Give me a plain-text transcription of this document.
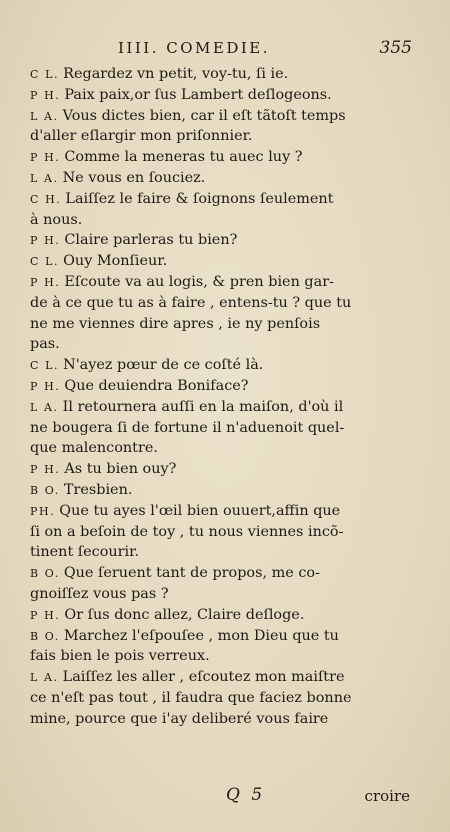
IIII. COMEDIE.	355
C L. Regardez vn petit, voy-tu, ſi ie.
P H. Paix paix,or ſus Lambert deſlogeons.
L A. Vous dictes bien, car il eſt tãtoſt temps
d'aller eſlargir mon priſonnier.
P H. Comme la meneras tu auec luy ?
L A. Ne vous en ſouciez.
C H. Laiſſez le faire & ſoignons ſeulement
à nous.
P H. Claire parleras tu bien?
C L. Ouy Monſieur.
P H. Eſcoute va au logis, & pren bien gar-
de à ce que tu as à faire , entens-tu ? que tu
ne me viennes dire apres , ie ny penſois
pas.
C L. N'ayez pœur de ce coſté là.
P H. Que deuiendra Boniface?
L A. Il retournera auſſi en la maiſon, d'où il
ne bougera ſi de fortune il n'aduenoit quel-
que malencontre.
P H. As tu bien ouy?
B O. Tresbien.
PH. Que tu ayes l'œil bien ouuert,affin que
ſi on a beſoin de toy , tu nous viennes incõ-
tinent ſecourir.
B O. Que ſeruent tant de propos, me co-
gnoiſſez vous pas ?
P H. Or ſus donc allez, Claire deſloge.
B O. Marchez l'eſpouſee , mon Dieu que tu
fais bien le pois verreux.
L A. Laiſſez les aller , eſcoutez mon maiſtre
ce n'eſt pas tout , il faudra que faciez bonne
mine, pource que i'ay deliberé vous faire
Q 5	croire
